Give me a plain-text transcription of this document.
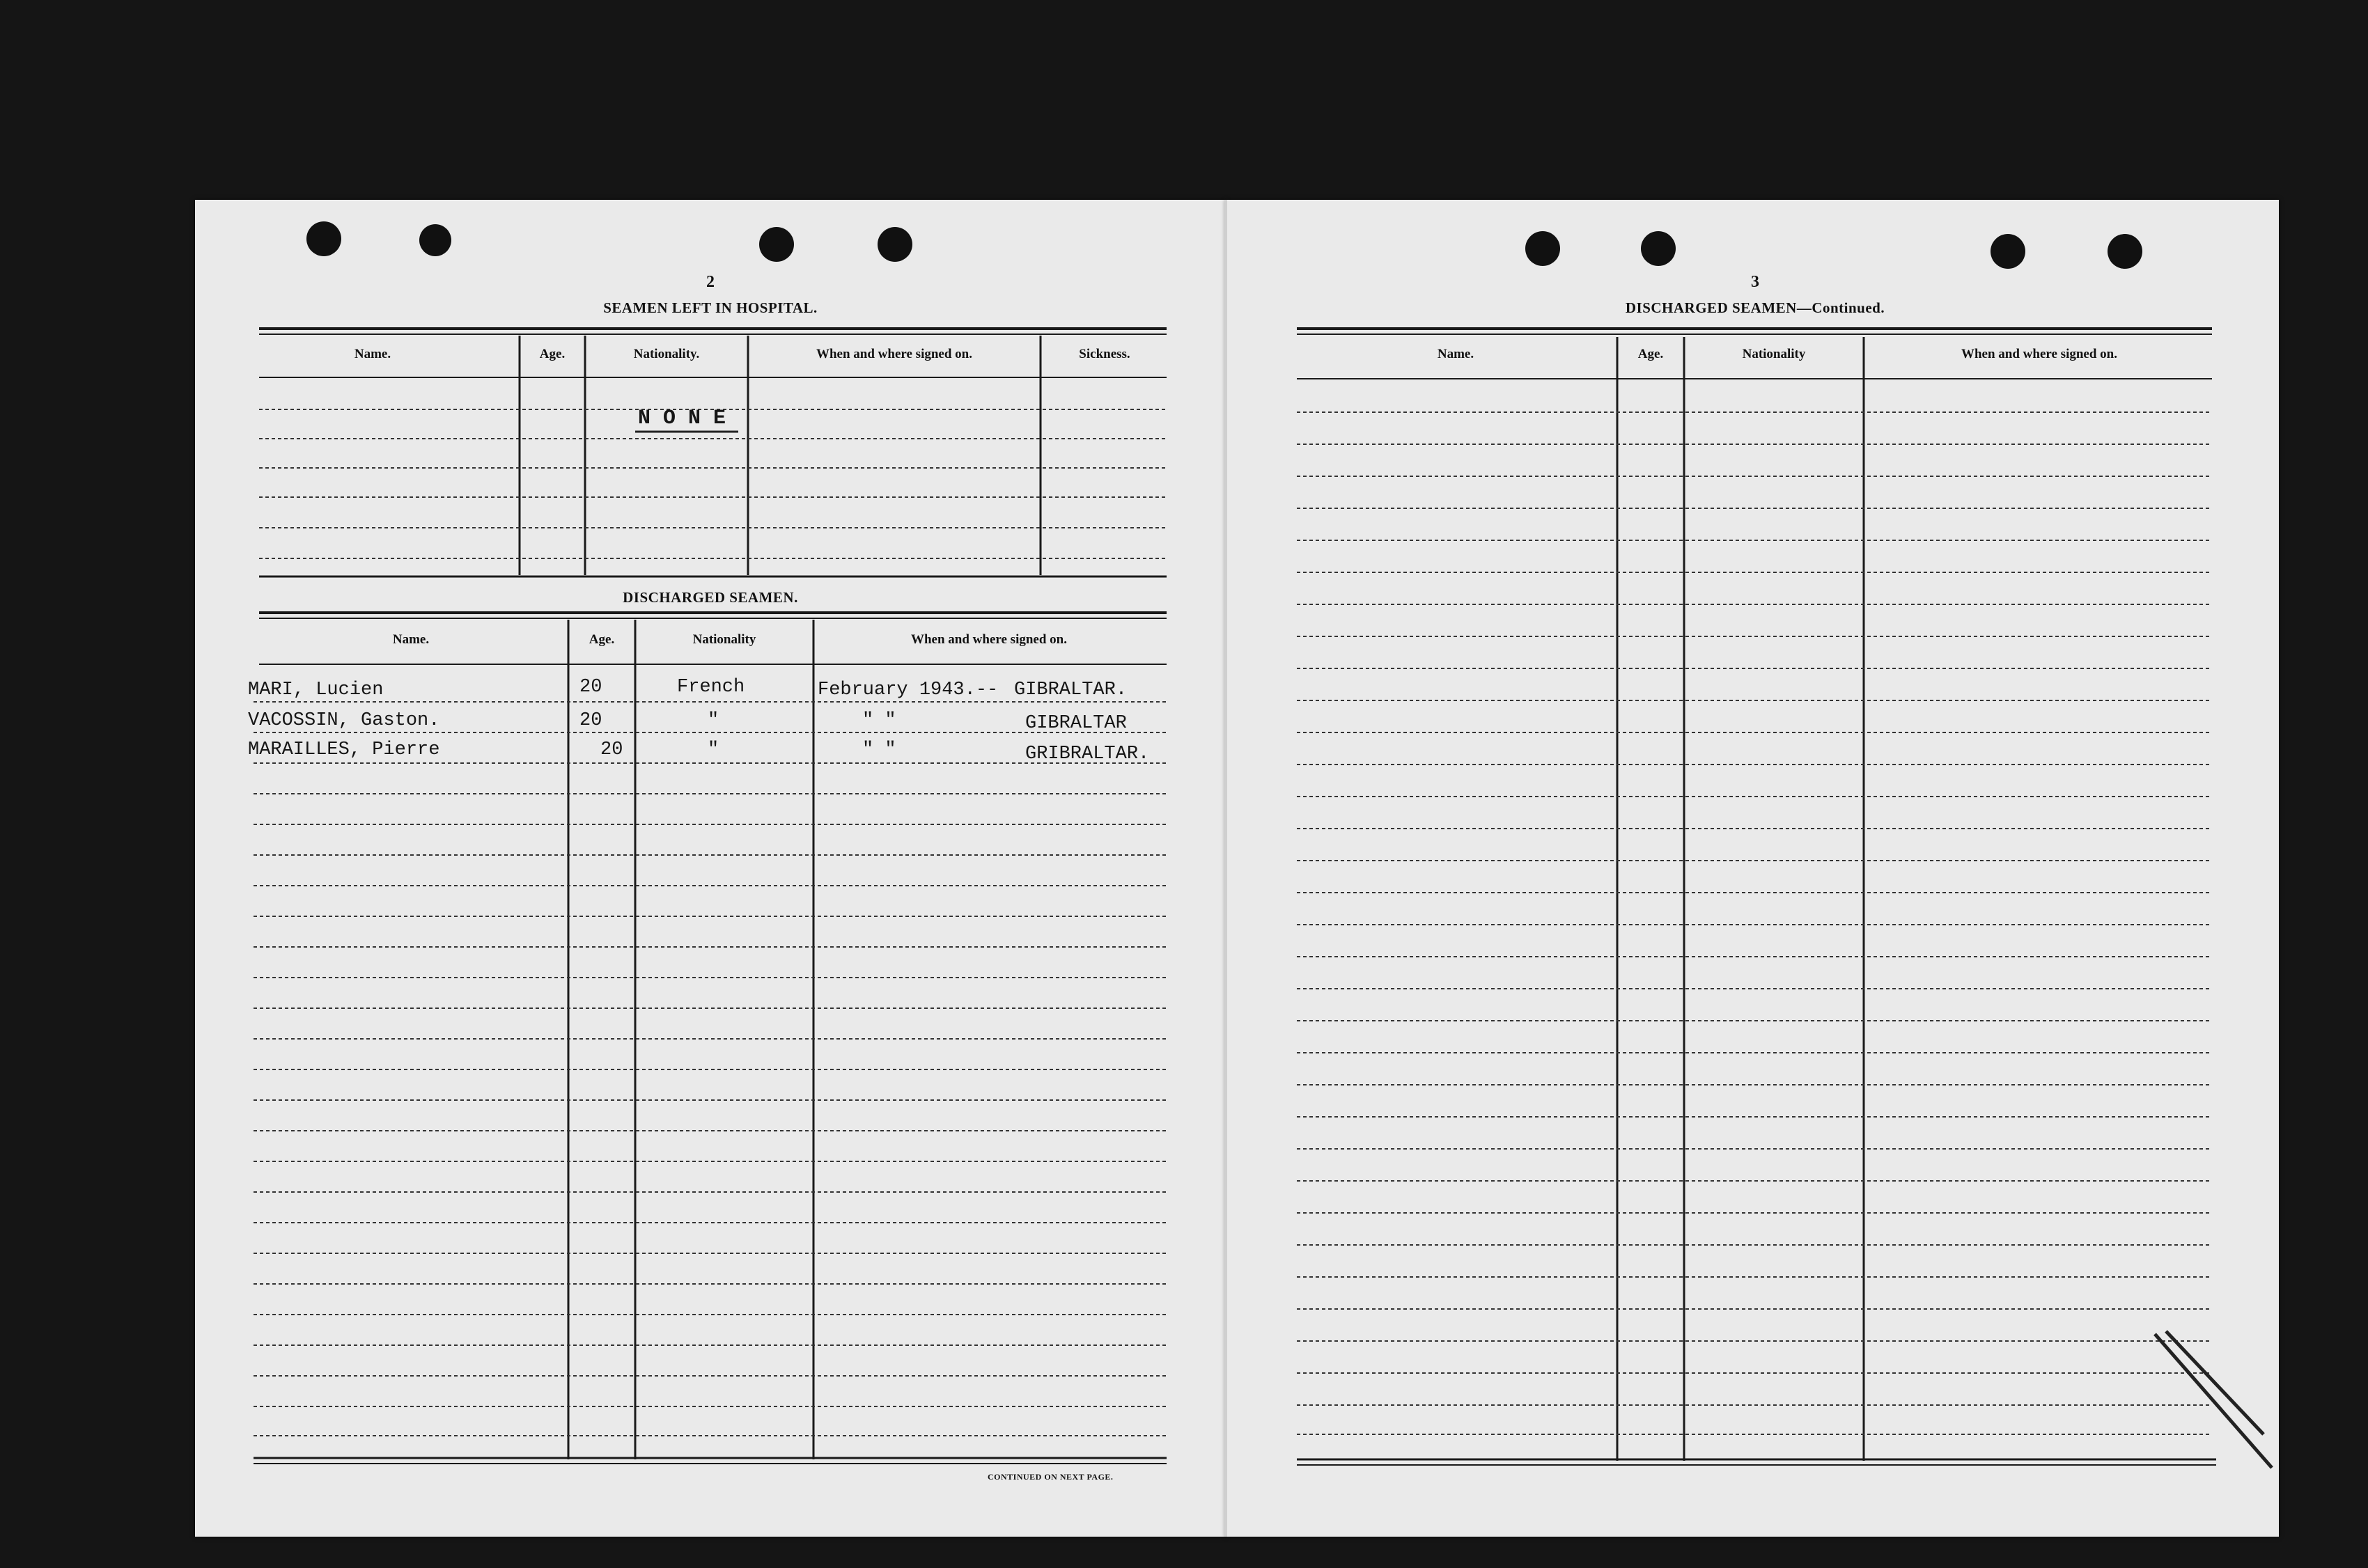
2
SEAMEN LEFT IN HOSPITAL.
Name.	Age.	Nationality.	When and where signed on.	Sickness.
N O N E
DISCHARGED SEAMEN.
Name.	Age.	Nationality	When and where signed on.
MARI, Lucien	20	French	February 1943.-- GIBRALTAR.
VACOSSIN, Gaston.	20	"	" "	GIBRALTAR
MARAILLES, Pierre	20	"	" "	GRIBRALTAR.
CONTINUED ON NEXT PAGE.
3
DISCHARGED SEAMEN—Continued.
Name.	Age.	Nationality	When and where signed on.
